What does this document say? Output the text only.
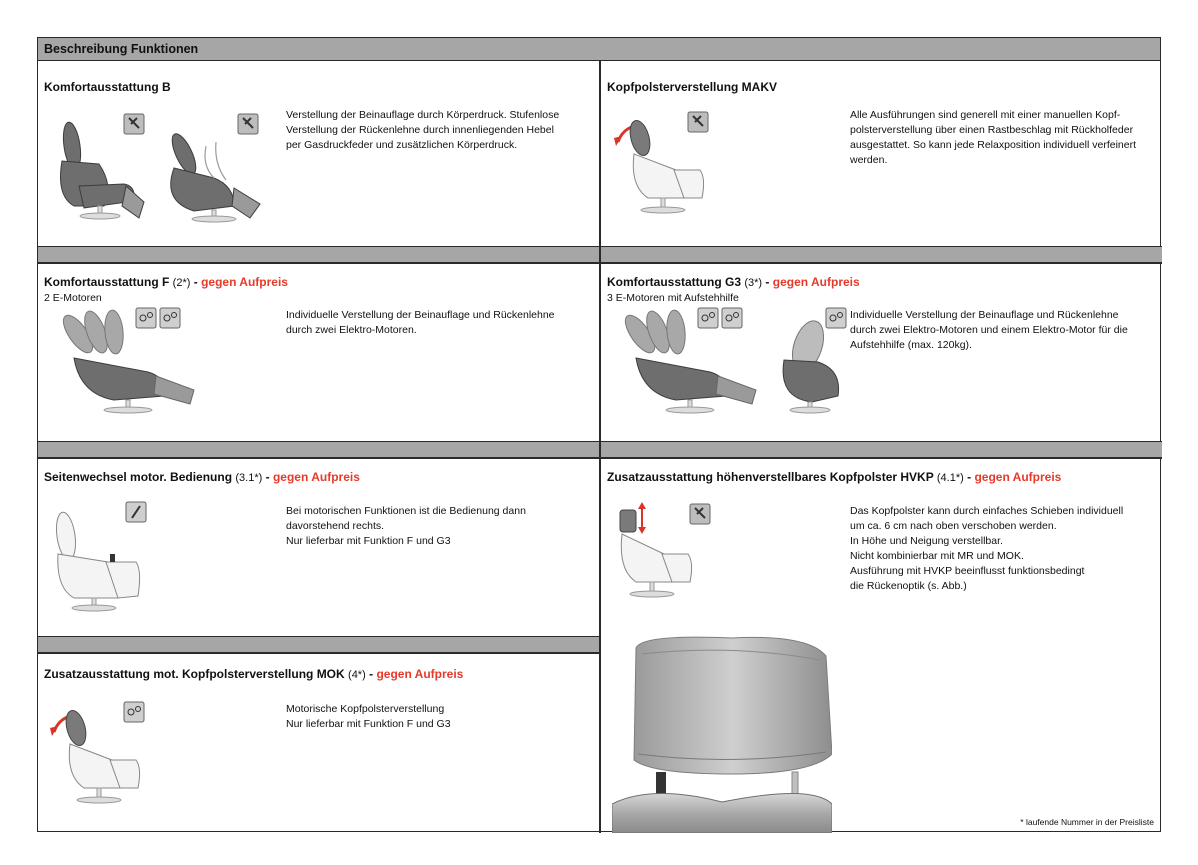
Beschreibung Funktionen
Komfortausstattung B

Verstellung der Beinauflage durch Körperdruck. Stufenlose

Verstellung der Rückenlehne durch innenliegenden Hebel

per Gasdruckfeder und zusätzlichen Körperdruck.

Kopfpolsterverstellung MAKV

Alle Ausführungen sind generell mit einer manuellen Kopf-

polsterverstellung über einen Rastbeschlag mit Rückholfeder

ausgestattet. So kann jede Relaxposition individuell verfeinert

werden.

Komfortausstattung F (2*) - gegen Aufpreis
2 E-Motoren

Individuelle Verstellung der Beinauflage und Rückenlehne

durch zwei Elektro-Motoren.

Komfortausstattung G3 (3*) - gegen Aufpreis
3 E-Motoren mit Aufstehhilfe

Individuelle Verstellung der Beinauflage und Rückenlehne

durch zwei Elektro-Motoren und einem Elektro-Motor für die

Aufstehhilfe (max. 120kg).

Seitenwechsel motor. Bedienung (3.1*) - gegen Aufpreis

Bei motorischen Funktionen ist die Bedienung dann

davorstehend rechts.

Nur lieferbar mit Funktion F und G3

Zusatzausstattung mot. Kopfpolsterverstellung MOK (4*) - gegen Aufpreis

Motorische Kopfpolsterverstellung

Nur lieferbar mit Funktion F und G3

Zusatzausstattung höhenverstellbares Kopfpolster HVKP (4.1*) - gegen Aufpreis

Das Kopfpolster kann durch einfaches Schieben individuell

um ca. 6 cm nach oben verschoben werden.

In Höhe und Neigung verstellbar.

Nicht kombinierbar mit MR und MOK.

Ausführung mit HVKP beeinflusst funktionsbedingt

die Rückenoptik (s. Abb.)

* laufende Nummer in der Preisliste
